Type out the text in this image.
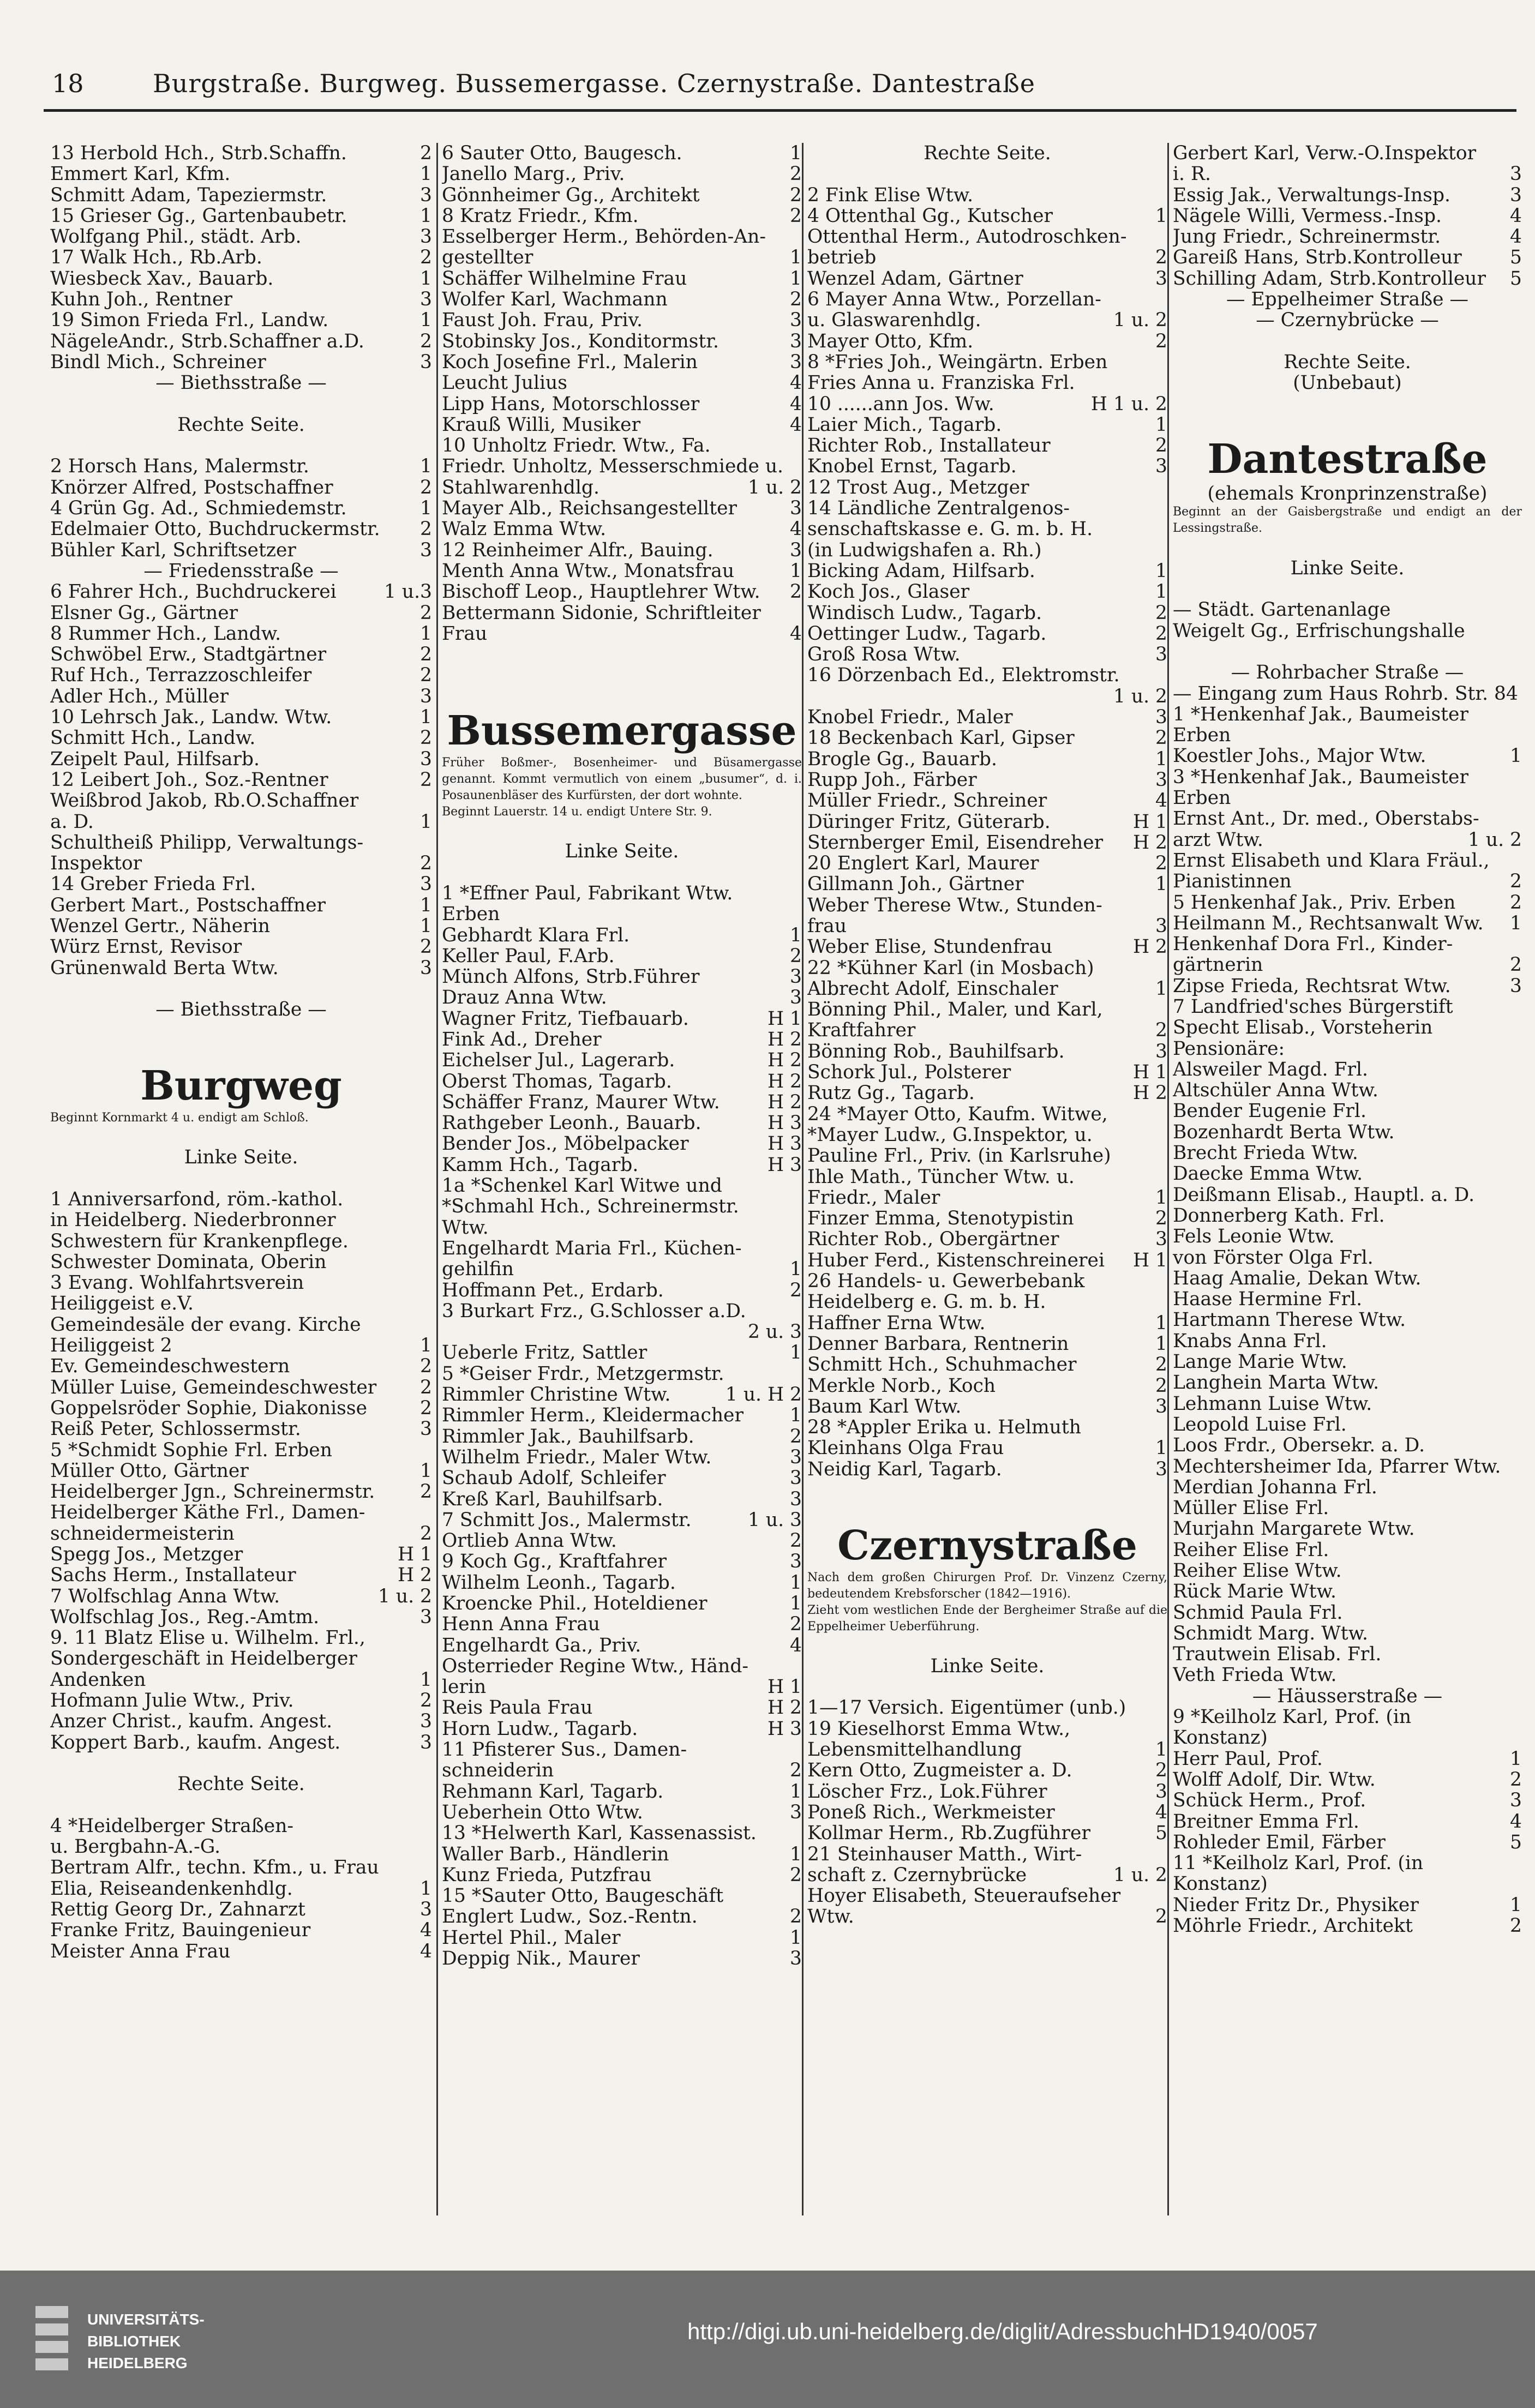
18	Burgstraße. Burgweg. Bussemergasse. Czernystraße. Dantestraße
13 Herbold Hch., Strb.Schaffn.	2
Emmert Karl, Kfm.	1
Schmitt Adam, Tapeziermstr.	3
15 Grieser Gg., Gartenbaubetr.	1
Wolfgang Phil., städt. Arb.	3
17 Walk Hch., Rb.Arb.	2
Wiesbeck Xav., Bauarb.	1
Kuhn Joh., Rentner	3
19 Simon Frieda Frl., Landw.	1
NägeleAndr., Strb.Schaffner a.D.	2
Bindl Mich., Schreiner	3
— Biethsstraße —
Rechte Seite.
2 Horsch Hans, Malermstr.	1
Knörzer Alfred, Postschaffner	2
4 Grün Gg. Ad., Schmiedemstr.	1
Edelmaier Otto, Buchdruckermstr.	2
Bühler Karl, Schriftsetzer	3
— Friedensstraße —
6 Fahrer Hch., Buchdruckerei	1 u.3
Elsner Gg., Gärtner	2
8 Rummer Hch., Landw.	1
Schwöbel Erw., Stadtgärtner	2
Ruf Hch., Terrazzoschleifer	2
Adler Hch., Müller	3
10 Lehrsch Jak., Landw. Wtw.	1
Schmitt Hch., Landw.	2
Zeipelt Paul, Hilfsarb.	3
12 Leibert Joh., Soz.-Rentner	2
Weißbrod Jakob, Rb.O.Schaffner
a. D.	1
Schultheiß Philipp, Verwaltungs-
Inspektor	2
14 Greber Frieda Frl.	3
Gerbert Mart., Postschaffner	1
Wenzel Gertr., Näherin	1
Würz Ernst, Revisor	2
Grünenwald Berta Wtw.	3
— Biethsstraße —
Burgweg
Beginnt Kornmarkt 4 u. endigt am Schloß.
Linke Seite.
1 Anniversarfond, röm.-kathol.
in Heidelberg. Niederbronner
Schwestern für Krankenpflege.
Schwester Dominata, Oberin
3 Evang. Wohlfahrtsverein
Heiliggeist e.V.
Gemeindesäle der evang. Kirche
Heiliggeist 2	1
Ev. Gemeindeschwestern	2
Müller Luise, Gemeindeschwester	2
Goppelsröder Sophie, Diakonisse	2
Reiß Peter, Schlossermstr.	3
5 *Schmidt Sophie Frl. Erben
Müller Otto, Gärtner	1
Heidelberger Jgn., Schreinermstr.	2
Heidelberger Käthe Frl., Damen-
schneidermeisterin	2
Spegg Jos., Metzger	H 1
Sachs Herm., Installateur	H 2
7 Wolfschlag Anna Wtw.	1 u. 2
Wolfschlag Jos., Reg.-Amtm.	3
9. 11 Blatz Elise u. Wilhelm. Frl.,
Sondergeschäft in Heidelberger
Andenken	1
Hofmann Julie Wtw., Priv.	2
Anzer Christ., kaufm. Angest.	3
Koppert Barb., kaufm. Angest.	3
Rechte Seite.
4 *Heidelberger Straßen-
u. Bergbahn-A.-G.
Bertram Alfr., techn. Kfm., u. Frau
Elia, Reiseandenkenhdlg.	1
Rettig Georg Dr., Zahnarzt	3
Franke Fritz, Bauingenieur	4
Meister Anna Frau	4
6 Sauter Otto, Baugesch.	1
Janello Marg., Priv.	2
Gönnheimer Gg., Architekt	2
8 Kratz Friedr., Kfm.	2
Esselberger Herm., Behörden-An-
gestellter	1
Schäffer Wilhelmine Frau	1
Wolfer Karl, Wachmann	2
Faust Joh. Frau, Priv.	3
Stobinsky Jos., Konditormstr.	3
Koch Josefine Frl., Malerin	3
Leucht Julius	4
Lipp Hans, Motorschlosser	4
Krauß Willi, Musiker	4
10 Unholtz Friedr. Wtw., Fa.
Friedr. Unholtz, Messerschmiede u.
Stahlwarenhdlg.	1 u. 2
Mayer Alb., Reichsangestellter	3
Walz Emma Wtw.	4
12 Reinheimer Alfr., Bauing.	3
Menth Anna Wtw., Monatsfrau	1
Bischoff Leop., Hauptlehrer Wtw.	2
Bettermann Sidonie, Schriftleiter
Frau	4
Bussemergasse
Früher Boßmer-, Bosenheimer- und Büsamergasse genannt. Kommt vermutlich von einem „busumer“, d. i. Posaunenbläser des Kurfürsten, der dort wohnte.
Beginnt Lauerstr. 14 u. endigt Untere Str. 9.
Linke Seite.
1 *Effner Paul, Fabrikant Wtw.
Erben
Gebhardt Klara Frl.	1
Keller Paul, F.Arb.	2
Münch Alfons, Strb.Führer	3
Drauz Anna Wtw.	3
Wagner Fritz, Tiefbauarb.	H 1
Fink Ad., Dreher	H 2
Eichelser Jul., Lagerarb.	H 2
Oberst Thomas, Tagarb.	H 2
Schäffer Franz, Maurer Wtw.	H 2
Rathgeber Leonh., Bauarb.	H 3
Bender Jos., Möbelpacker	H 3
Kamm Hch., Tagarb.	H 3
1a *Schenkel Karl Witwe und
*Schmahl Hch., Schreinermstr.
Wtw.
Engelhardt Maria Frl., Küchen-
gehilfin	1
Hoffmann Pet., Erdarb.	2
3 Burkart Frz., G.Schlosser a.D.
2 u. 3
Ueberle Fritz, Sattler	1
5 *Geiser Frdr., Metzgermstr.
Rimmler Christine Wtw.	1 u. H 2
Rimmler Herm., Kleidermacher	1
Rimmler Jak., Bauhilfsarb.	2
Wilhelm Friedr., Maler Wtw.	3
Schaub Adolf, Schleifer	3
Kreß Karl, Bauhilfsarb.	3
7 Schmitt Jos., Malermstr.	1 u. 3
Ortlieb Anna Wtw.	2
9 Koch Gg., Kraftfahrer	3
Wilhelm Leonh., Tagarb.	1
Kroencke Phil., Hoteldiener	1
Henn Anna Frau	2
Engelhardt Ga., Priv.	4
Osterrieder Regine Wtw., Händ-
lerin	H 1
Reis Paula Frau	H 2
Horn Ludw., Tagarb.	H 3
11 Pfisterer Sus., Damen-
schneiderin	2
Rehmann Karl, Tagarb.	1
Ueberhein Otto Wtw.	3
13 *Helwerth Karl, Kassenassist.
Waller Barb., Händlerin	1
Kunz Frieda, Putzfrau	2
15 *Sauter Otto, Baugeschäft
Englert Ludw., Soz.-Rentn.	2
Hertel Phil., Maler	1
Deppig Nik., Maurer	3
Rechte Seite.
2 Fink Elise Wtw.
4 Ottenthal Gg., Kutscher	1
Ottenthal Herm., Autodroschken-
betrieb	2
Wenzel Adam, Gärtner	3
6 Mayer Anna Wtw., Porzellan-
u. Glaswarenhdlg.	1 u. 2
Mayer Otto, Kfm.	2
8 *Fries Joh., Weingärtn. Erben
Fries Anna u. Franziska Frl.
10 ......ann Jos. Ww.	H 1 u. 2
Laier Mich., Tagarb.	1
Richter Rob., Installateur	2
Knobel Ernst, Tagarb.	3
12 Trost Aug., Metzger
14 Ländliche Zentralgenos-
senschaftskasse e. G. m. b. H.
(in Ludwigshafen a. Rh.)
Bicking Adam, Hilfsarb.	1
Koch Jos., Glaser	1
Windisch Ludw., Tagarb.	2
Oettinger Ludw., Tagarb.	2
Groß Rosa Wtw.	3
16 Dörzenbach Ed., Elektromstr.
1 u. 2
Knobel Friedr., Maler	3
18 Beckenbach Karl, Gipser	2
Brogle Gg., Bauarb.	1
Rupp Joh., Färber	3
Müller Friedr., Schreiner	4
Düringer Fritz, Güterarb.	H 1
Sternberger Emil, Eisendreher	H 2
20 Englert Karl, Maurer	2
Gillmann Joh., Gärtner	1
Weber Therese Wtw., Stunden-
frau	3
Weber Elise, Stundenfrau	H 2
22 *Kühner Karl (in Mosbach)
Albrecht Adolf, Einschaler	1
Bönning Phil., Maler, und Karl,
Kraftfahrer	2
Bönning Rob., Bauhilfsarb.	3
Schork Jul., Polsterer	H 1
Rutz Gg., Tagarb.	H 2
24 *Mayer Otto, Kaufm. Witwe,
*Mayer Ludw., G.Inspektor, u.
Pauline Frl., Priv. (in Karlsruhe)
Ihle Math., Tüncher Wtw. u.
Friedr., Maler	1
Finzer Emma, Stenotypistin	2
Richter Rob., Obergärtner	3
Huber Ferd., Kistenschreinerei	H 1
26 Handels- u. Gewerbebank
Heidelberg e. G. m. b. H.
Haffner Erna Wtw.	1
Denner Barbara, Rentnerin	1
Schmitt Hch., Schuhmacher	2
Merkle Norb., Koch	2
Baum Karl Wtw.	3
28 *Appler Erika u. Helmuth
Kleinhans Olga Frau	1
Neidig Karl, Tagarb.	3
Czernystraße
Nach dem großen Chirurgen Prof. Dr. Vinzenz Czerny, bedeutendem Krebsforscher (1842—1916).
Zieht vom westlichen Ende der Bergheimer Straße auf die Eppelheimer Ueberführung.
Linke Seite.
1—17 Versich. Eigentümer (unb.)
19 Kieselhorst Emma Wtw.,
Lebensmittelhandlung	1
Kern Otto, Zugmeister a. D.	2
Löscher Frz., Lok.Führer	3
Poneß Rich., Werkmeister	4
Kollmar Herm., Rb.Zugführer	5
21 Steinhauser Matth., Wirt-
schaft z. Czernybrücke	1 u. 2
Hoyer Elisabeth, Steueraufseher
Wtw.	2
Gerbert Karl, Verw.-O.Inspektor
i. R.	3
Essig Jak., Verwaltungs-Insp.	3
Nägele Willi, Vermess.-Insp.	4
Jung Friedr., Schreinermstr.	4
Gareiß Hans, Strb.Kontrolleur	5
Schilling Adam, Strb.Kontrolleur	5
— Eppelheimer Straße —
— Czernybrücke —
Rechte Seite.
(Unbebaut)
Dantestraße
(ehemals Kronprinzenstraße)
Beginnt an der Gaisbergstraße und endigt an der Lessingstraße.
Linke Seite.
— Städt. Gartenanlage
Weigelt Gg., Erfrischungshalle
— Rohrbacher Straße —
— Eingang zum Haus Rohrb. Str. 84
1 *Henkenhaf Jak., Baumeister
Erben
Koestler Johs., Major Wtw.	1
3 *Henkenhaf Jak., Baumeister
Erben
Ernst Ant., Dr. med., Oberstabs-
arzt Wtw.	1 u. 2
Ernst Elisabeth und Klara Fräul.,
Pianistinnen	2
5 Henkenhaf Jak., Priv. Erben	2
Heilmann M., Rechtsanwalt Ww.	1
Henkenhaf Dora Frl., Kinder-
gärtnerin	2
Zipse Frieda, Rechtsrat Wtw.	3
7 Landfried'sches Bürgerstift
Specht Elisab., Vorsteherin
Pensionäre:
Alsweiler Magd. Frl.
Altschüler Anna Wtw.
Bender Eugenie Frl.
Bozenhardt Berta Wtw.
Brecht Frieda Wtw.
Daecke Emma Wtw.
Deißmann Elisab., Hauptl. a. D.
Donnerberg Kath. Frl.
Fels Leonie Wtw.
von Förster Olga Frl.
Haag Amalie, Dekan Wtw.
Haase Hermine Frl.
Hartmann Therese Wtw.
Knabs Anna Frl.
Lange Marie Wtw.
Langhein Marta Wtw.
Lehmann Luise Wtw.
Leopold Luise Frl.
Loos Frdr., Obersekr. a. D.
Mechtersheimer Ida, Pfarrer Wtw.
Merdian Johanna Frl.
Müller Elise Frl.
Murjahn Margarete Wtw.
Reiher Elise Frl.
Reiher Elise Wtw.
Rück Marie Wtw.
Schmid Paula Frl.
Schmidt Marg. Wtw.
Trautwein Elisab. Frl.
Veth Frieda Wtw.
— Häusserstraße —
9 *Keilholz Karl, Prof. (in
Konstanz)
Herr Paul, Prof.	1
Wolff Adolf, Dir. Wtw.	2
Schück Herm., Prof.	3
Breitner Emma Frl.	4
Rohleder Emil, Färber	5
11 *Keilholz Karl, Prof. (in
Konstanz)
Nieder Fritz Dr., Physiker	1
Möhrle Friedr., Architekt	2
UNIVERSITÄTS- BIBLIOTHEK HEIDELBERG
http://digi.ub.uni-heidelberg.de/diglit/AdressbuchHD1940/0057
